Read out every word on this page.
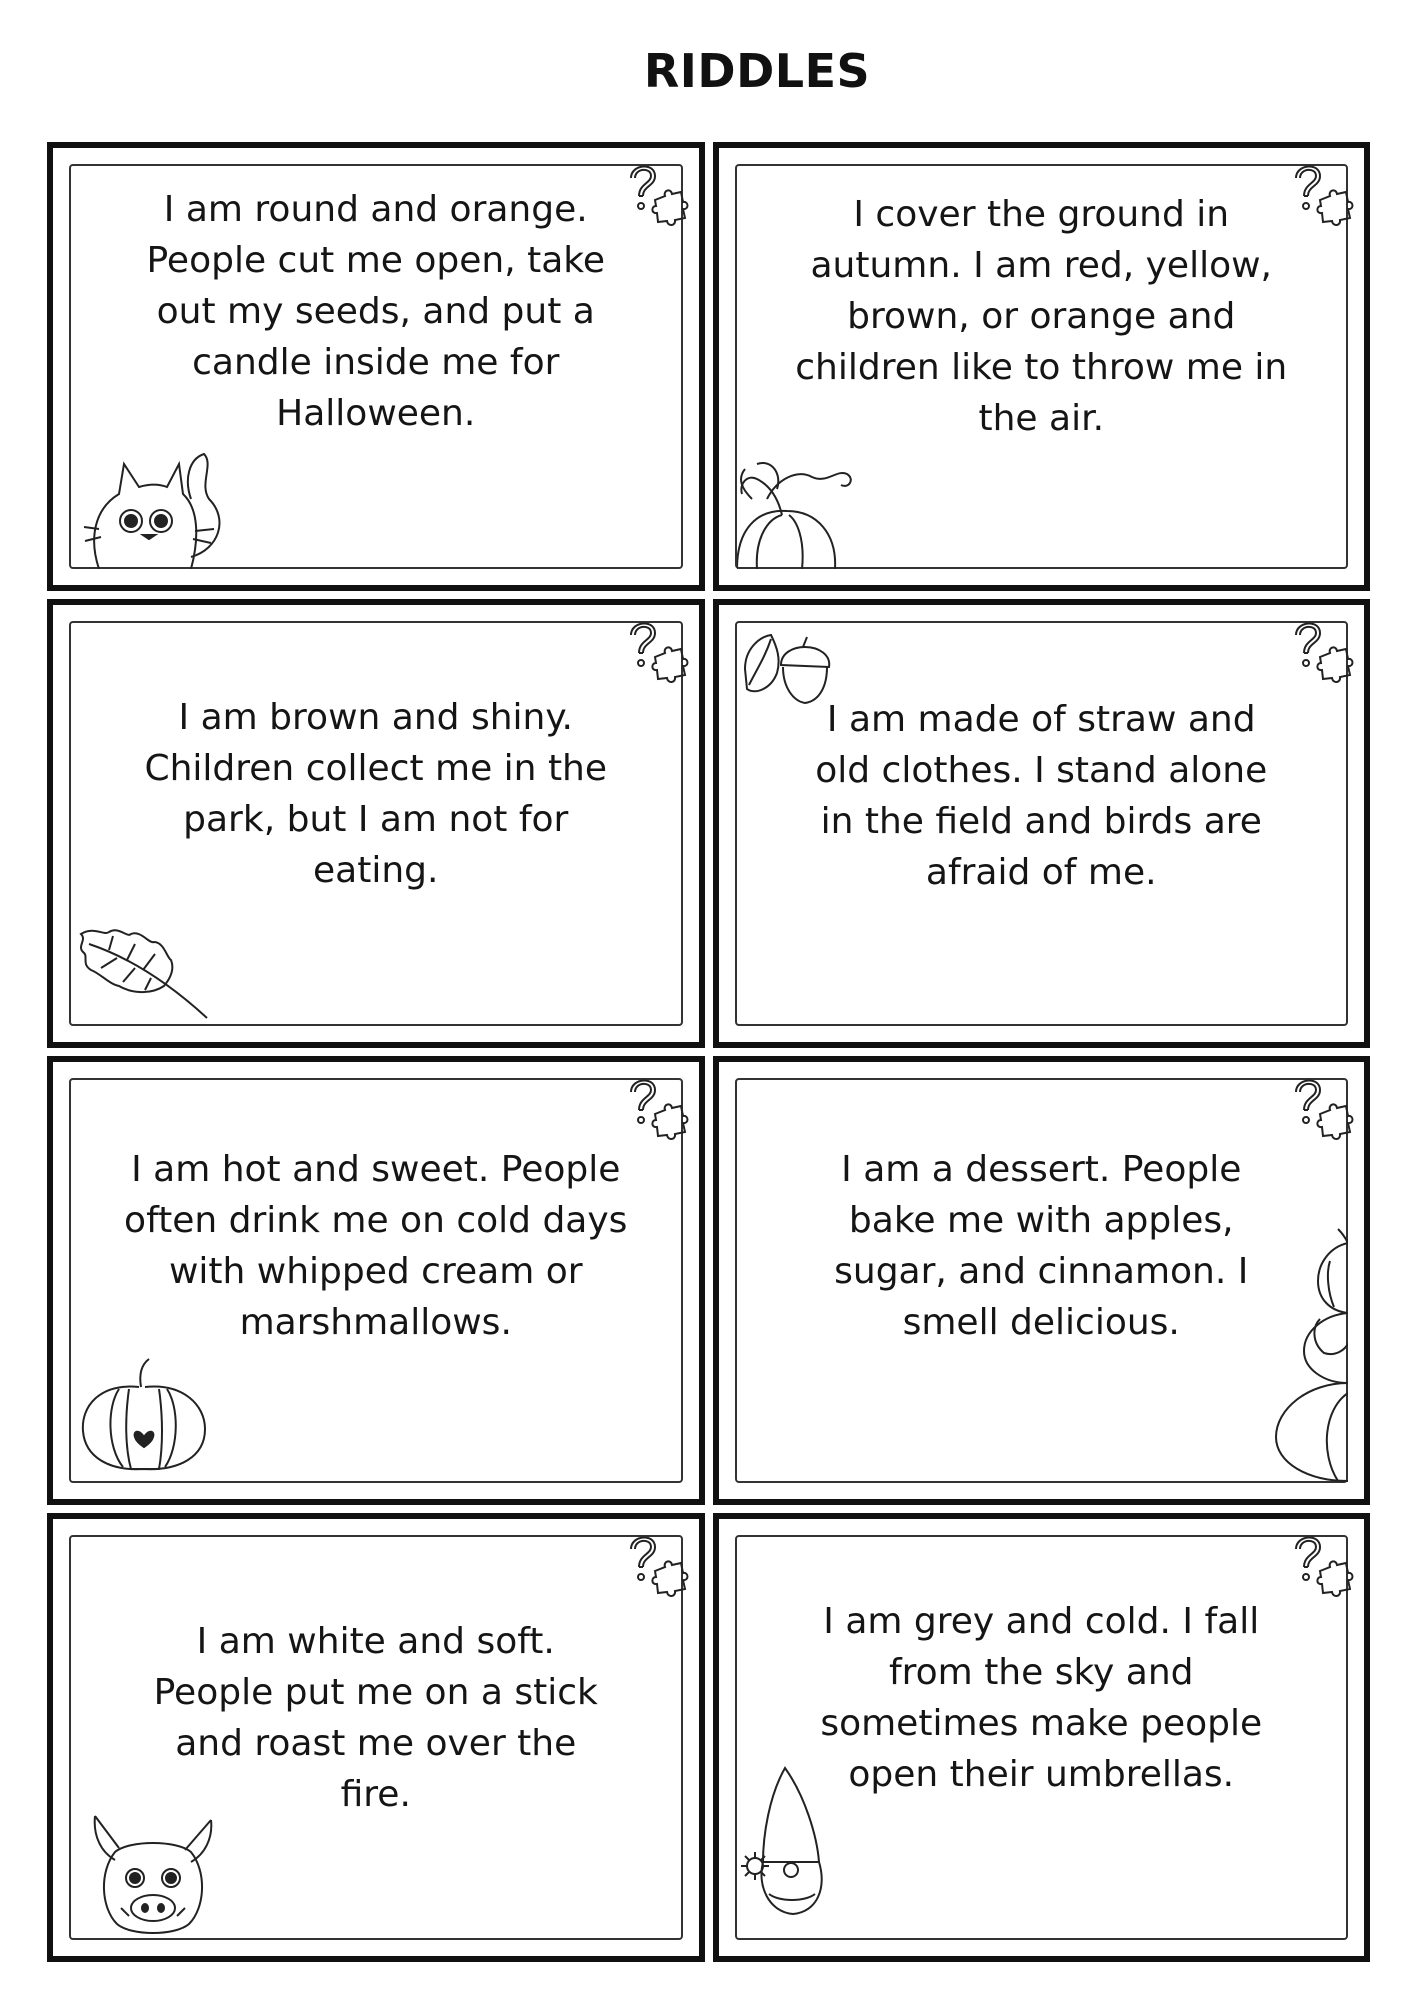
RIDDLES
I am round and orange. People cut me open, take out my seeds, and put a candle inside me for Halloween.
I cover the ground in autumn. I am red, yellow, brown, or orange and children like to throw me in the air.
I am brown and shiny. Children collect me in the park, but I am not for eating.
I am made of straw and old clothes. I stand alone in the field and birds are afraid of me.
I am hot and sweet. People often drink me on cold days with whipped cream or marshmallows.
I am a dessert. People bake me with apples, sugar, and cinnamon. I smell delicious.
I am white and soft. People put me on a stick and roast me over the fire.
I am grey and cold. I fall from the sky and sometimes make people open their umbrellas.
